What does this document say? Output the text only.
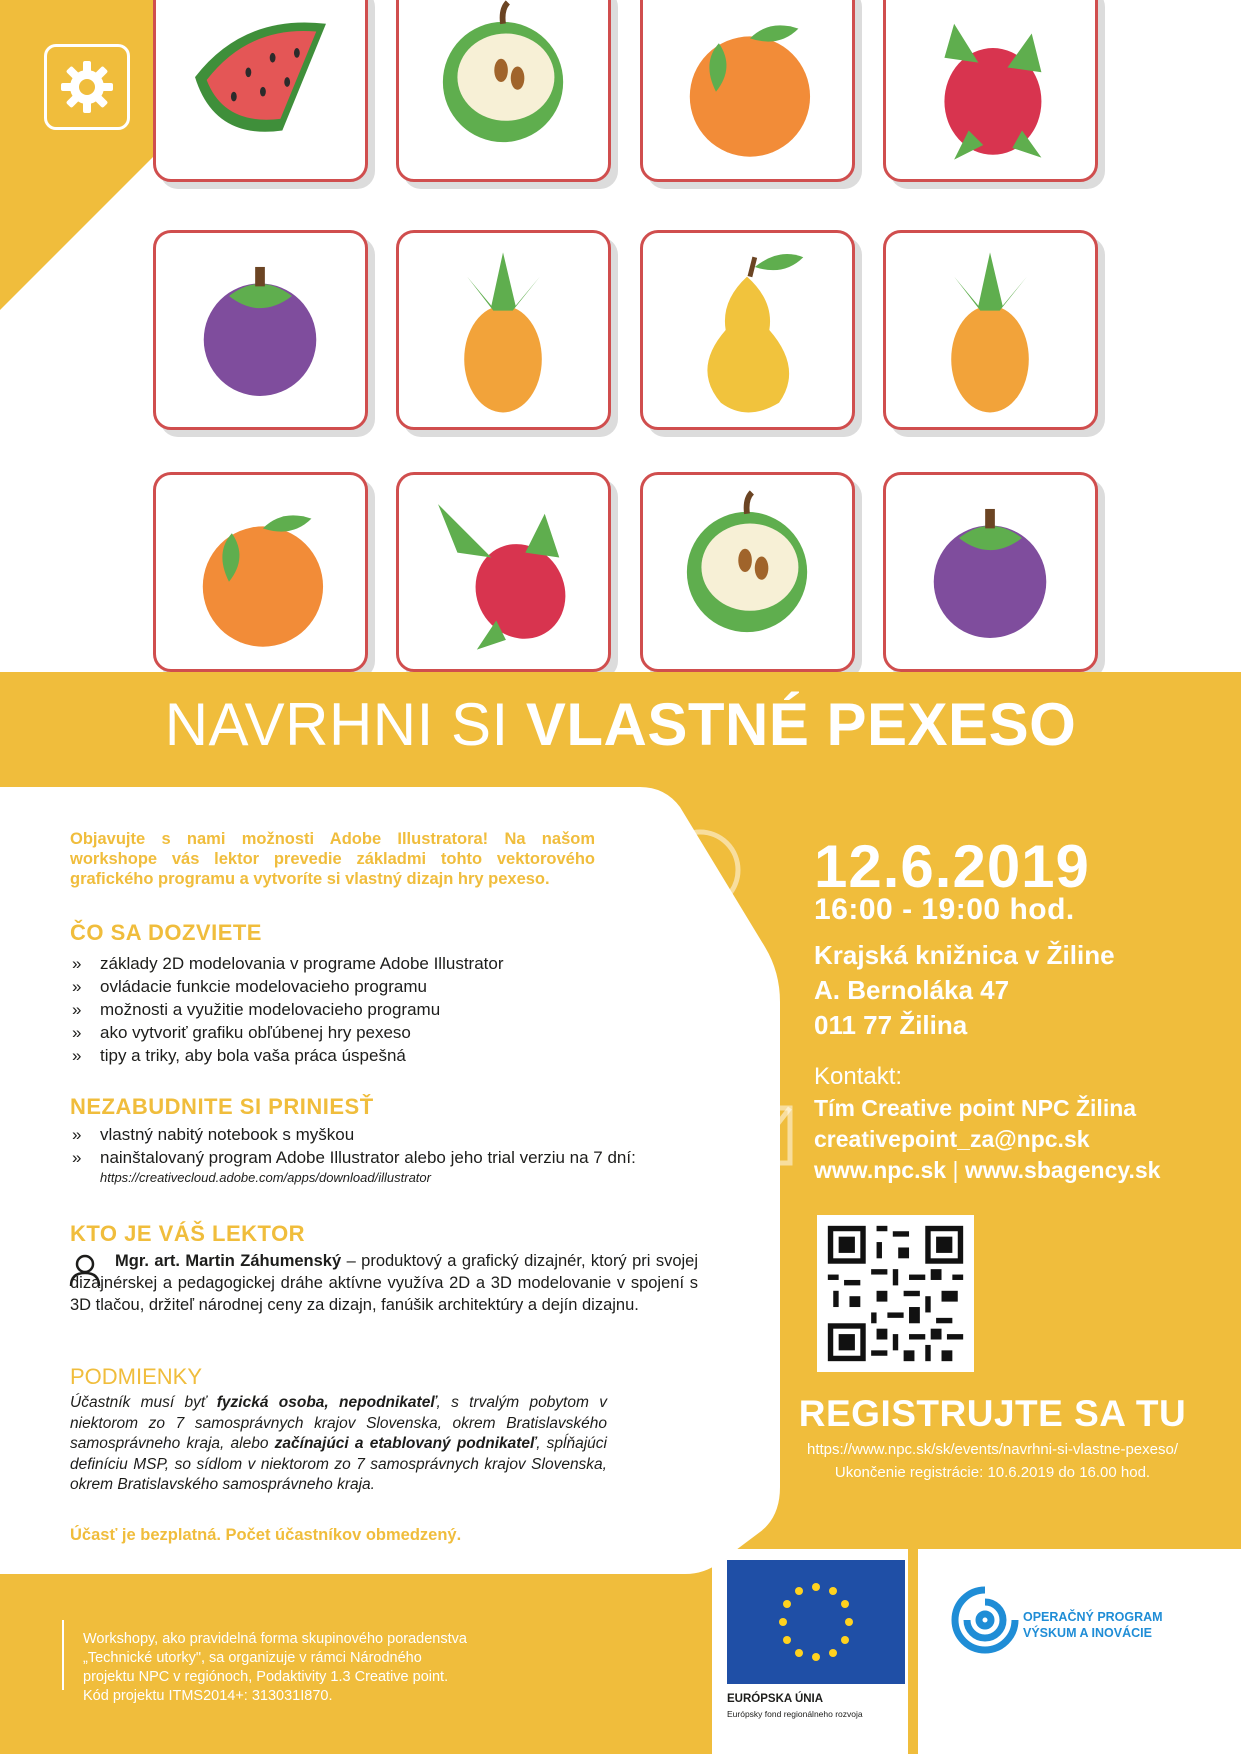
NAVRHNI SI VLASTNÉ PEXESO
Objavujte s nami možnosti Adobe Illustratora! Na našom workshope vás lektor prevedie základmi tohto vektorového grafického programu a vytvoríte si vlastný dizajn hry pexeso.
ČO SA DOZVIETE
» základy 2D modelovania v programe Adobe Illustrator
» ovládacie funkcie modelovacieho programu
» možnosti a využitie modelovacieho programu
» ako vytvoriť grafiku obľúbenej hry pexeso
» tipy a triky, aby bola vaša práca úspešná
NEZABUDNITE SI PRINIESŤ
» vlastný nabitý notebook s myškou
» nainštalovaný program Adobe Illustrator alebo jeho trial verziu na 7 dní:
https://creativecloud.adobe.com/apps/download/illustrator
KTO JE VÁŠ LEKTOR
Mgr. art. Martin Záhumenský – produktový a grafický dizajnér, ktorý pri svojej dizajnérskej a pedagogickej dráhe aktívne využíva 2D a 3D modelovanie v spojení s 3D tlačou, držiteľ národnej ceny za dizajn, fanúšik architektúry a dejín dizajnu.
PODMIENKY
Účastník musí byť fyzická osoba, nepodnikateľ, s trvalým pobytom v niektorom zo 7 samosprávnych krajov Slovenska, okrem Bratislavského samosprávneho kraja, alebo začínajúci a etablovaný podnikateľ, spĺňajúci definíciu MSP, so sídlom v niektorom zo 7 samosprávnych krajov Slovenska, okrem Bratislavského samosprávneho kraja.
Účasť je bezplatná. Počet účastníkov obmedzený.
12.6.2019
16:00 - 19:00 hod.
Krajská knižnica v Žiline
A. Bernoláka 47
011 77 Žilina
Kontakt:
Tím Creative point NPC Žilina
creativepoint_za@npc.sk
www.npc.sk | www.sbagency.sk
REGISTRUJTE SA TU
https://www.npc.sk/sk/events/navrhni-si-vlastne-pexeso/
Ukončenie registrácie: 10.6.2019 do 16.00 hod.
Workshopy, ako pravidelná forma skupinového poradenstva
„Technické utorky", sa organizuje v rámci Národného
projektu NPC v regiónoch, Podaktivity 1.3 Creative point.
Kód projektu ITMS2014+: 313031I870.	EURÓPSKA ÚNIA
Európsky fond regionálneho rozvoja
OPERAČNÝ PROGRAM
VÝSKUM A INOVÁCIE
